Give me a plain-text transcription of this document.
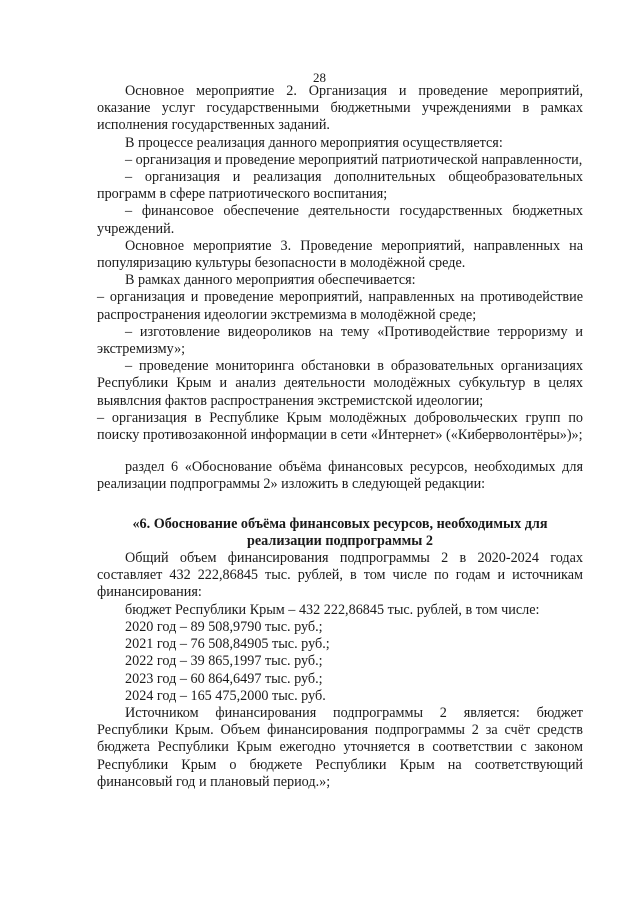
28

Основное мероприятие 2. Организация и проведение мероприятий, оказание услуг государственными бюджетными учреждениями в рамках исполнения государственных заданий.

В процессе реализация данного мероприятия осуществляется:

– организация и проведение мероприятий патриотической направленности,

– организация и реализация дополнительных общеобразовательных программ в сфере патриотического воспитания;

– финансовое обеспечение деятельности государственных бюджетных учреждений.

Основное мероприятие 3. Проведение мероприятий, направленных на популяризацию культуры безопасности в молодёжной среде.

В рамках данного мероприятия обеспечивается:

– организация и проведение мероприятий, направленных на противодействие распространения идеологии экстремизма в молодёжной среде;

– изготовление видеороликов на тему «Противодействие терроризму и экстремизму»;

– проведение мониторинга обстановки в образовательных организациях Республики Крым и анализ деятельности молодёжных субкультур в целях выявлсния фактов распространения экстремистской идеологии;

– организация в Республике Крым молодёжных добровольческих групп по поиску противозаконной информации в сети «Интернет» («Киберволонтёры»)»;

раздел 6 «Обоснование объёма финансовых ресурсов, необходимых для реализации подпрограммы 2» изложить в следующей редакции:

«6. Обоснование объёма финансовых ресурсов, необходимых для реализации подпрограммы 2

Общий объем финансирования подпрограммы 2 в 2020-2024 годах составляет 432 222,86845 тыс. рублей, в том числе по годам и источникам финансирования:

бюджет Республики Крым – 432 222,86845 тыс. рублей, в том числе:

2020 год – 89 508,9790 тыс. руб.;

2021 год – 76 508,84905 тыс. руб.;

2022 год – 39 865,1997 тыс. руб.;

2023 год – 60 864,6497 тыс. руб.;

2024 год – 165 475,2000 тыс. руб.

Источником финансирования подпрограммы 2 является: бюджет Республики Крым. Объем финансирования подпрограммы 2 за счёт средств бюджета Республики Крым ежегодно уточняется в соответствии с законом Республики Крым о бюджете Республики Крым на соответствующий финансовый год и плановый период.»;
